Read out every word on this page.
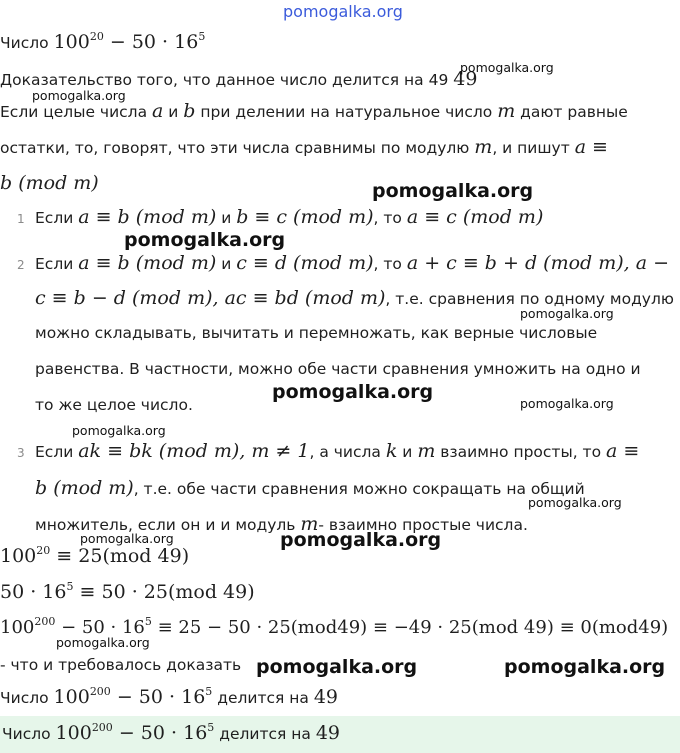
pomogalka.org
Число $100^{20} - 50 \cdot 16^5$
Доказательство того, что данное число делится на 49 49
Если целые числа a и b при делении на натуральное число m дают равные
остатки, то, говорят, что эти числа сравнимы по модулю m, и пишут a ≡
b (mod m)
1 Если a ≡ b (mod m) и b ≡ c (mod m), то a ≡ c (mod m)
2 Если a ≡ b (mod m) и c ≡ d (mod m), то a + c ≡ b + d (mod m), a −
c ≡ b − d (mod m), ac ≡ bd (mod m), т.е. сравнения по одному модулю
можно складывать, вычитать и перемножать, как верные числовые
равенства. В частности, можно обе части сравнения умножить на одно и
то же целое число.
3 Если ak ≡ bk (mod m), m ≠ 1, а числа k и m взаимно просты, то a ≡
b (mod m), т.е. обе части сравнения можно сокращать на общий
множитель, если он и и модуль m- взаимно простые числа.
$100^{20} \equiv 25(mod$ 49)
$50 \cdot 16^5 \equiv 50 \cdot 25(mod$ 49)
$100^{200} - 50 \cdot 16^5 \equiv 25 - 50 \cdot 25(mod49) \equiv -49 \cdot 25(mod$ 49) ≡ 0(mod49)
- что и требовалось доказать
Число $100^{200} - 50 \cdot 16^5$ делится на 49
Число $100^{200} - 50 \cdot 16^5$ делится на 49
pomogalka.org
pomogalka.org
pomogalka.org
pomogalka.org
pomogalka.org
pomogalka.org
pomogalka.org
pomogalka.org
pomogalka.org
pomogalka.org
pomogalka.org
pomogalka.org
pomogalka.org	pomogalka.org
